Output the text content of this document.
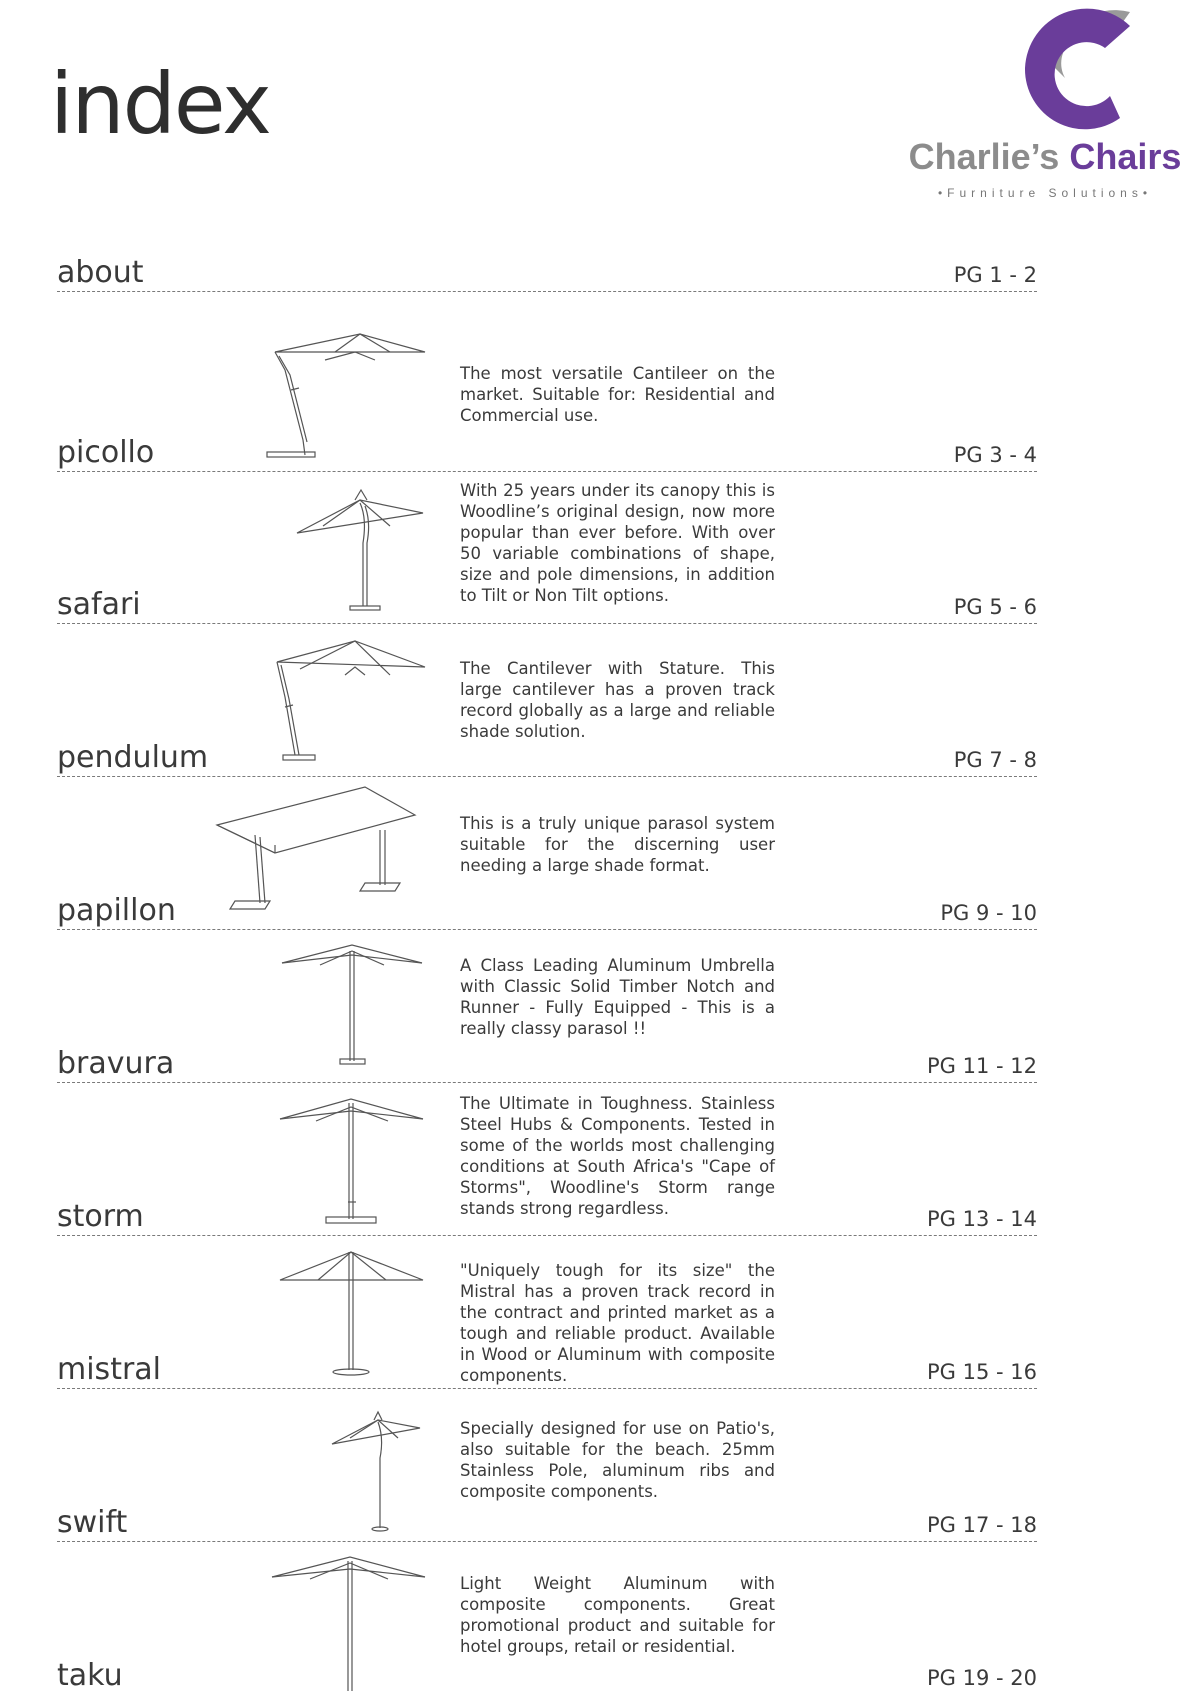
index
Charlie’s Chairs
•Furniture Solutions•
about	PG 1 - 2
The most versatile Cantileer on the market. Suitable for: Residential and Commercial use.
picollo	PG 3 - 4
With 25 years under its canopy this is Woodline’s original design, now more popular than ever before. With over 50 variable combinations of shape, size and pole dimensions, in addition to Tilt or Non Tilt options.
safari	PG 5 - 6
The Cantilever with Stature. This large cantilever has a proven track record globally as a large and reliable shade solution.
pendulum	PG 7 - 8
This is a truly unique parasol system suitable for the discerning user needing a large shade format.
papillon	PG 9 - 10
A Class Leading Aluminum Umbrella with Classic Solid Timber Notch and Runner - Fully Equipped - This is a really classy parasol !!
bravura	PG 11 - 12
The Ultimate in Toughness. Stainless Steel Hubs & Components. Tested in some of the worlds most challenging conditions at South Africa's "Cape of Storms", Woodline's Storm range stands strong regardless.
storm	PG 13 - 14
"Uniquely tough for its size" the Mistral has a proven track record in the contract and printed market as a tough and reliable product. Available in Wood or Aluminum with composite components.
mistral	PG 15 - 16
Specially designed for use on Patio's, also suitable for the beach. 25mm Stainless Pole, aluminum ribs and composite components.
swift	PG 17 - 18
Light Weight Aluminum with composite components. Great promotional product and suitable for hotel groups, retail or residential.
taku	PG 19 - 20
